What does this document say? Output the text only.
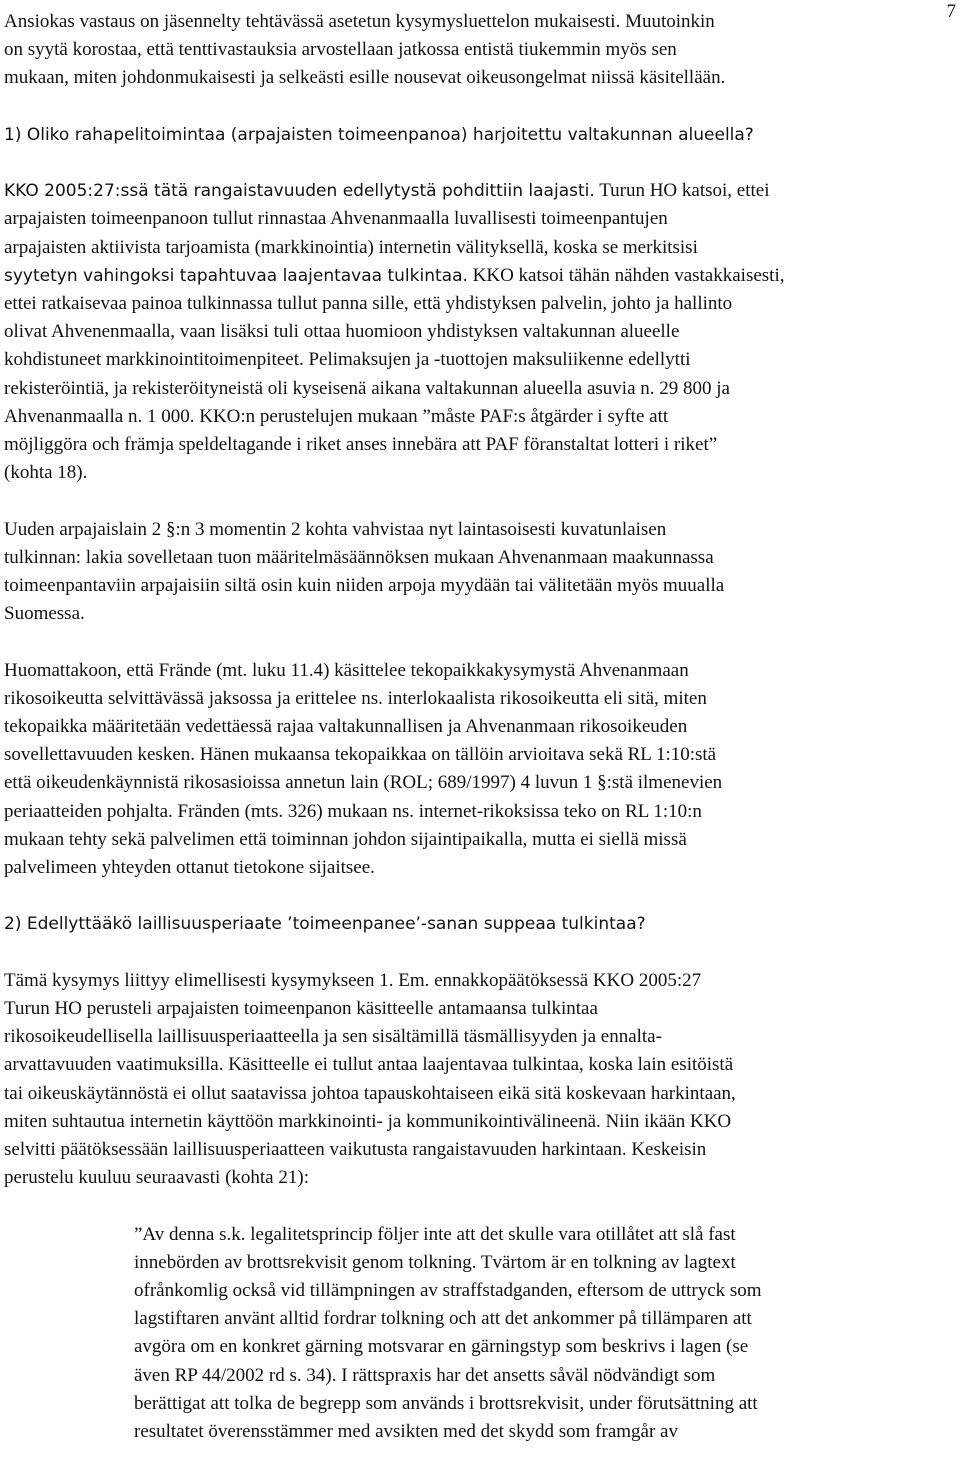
7

Ansiokas vastaus on jäsennelty tehtävässä asetetun kysymysluettelon mukaisesti. Muutoinkin
on syytä korostaa, että tenttivastauksia arvostellaan jatkossa entistä tiukemmin myös sen
mukaan, miten johdonmukaisesti ja selkeästi esille nousevat oikeusongelmat niissä käsitellään.

1) Oliko rahapelitoimintaa (arpajaisten toimeenpanoa) harjoitettu valtakunnan alueella?

KKO 2005:27:ssä tätä rangaistavuuden edellytystä pohdittiin laajasti. Turun HO katsoi, ettei
arpajaisten toimeenpanoon tullut rinnastaa Ahvenanmaalla luvallisesti toimeenpantujen
arpajaisten aktiivista tarjoamista (markkinointia) internetin välityksellä, koska se merkitsisi
syytetyn vahingoksi tapahtuvaa laajentavaa tulkintaa. KKO katsoi tähän nähden vastakkaisesti,
ettei ratkaisevaa painoa tulkinnassa tullut panna sille, että yhdistyksen palvelin, johto ja hallinto
olivat Ahvenenmaalla, vaan lisäksi tuli ottaa huomioon yhdistyksen valtakunnan alueelle
kohdistuneet markkinointitoimenpiteet. Pelimaksujen ja -tuottojen maksuliikenne edellytti
rekisteröintiä, ja rekisteröityneistä oli kyseisenä aikana valtakunnan alueella asuvia n. 29 800 ja
Ahvenanmaalla n. 1 000. KKO:n perustelujen mukaan ”måste PAF:s åtgärder i syfte att
möjliggöra och främja speldeltagande i riket anses innebära att PAF föranstaltat lotteri i riket”
(kohta 18).

Uuden arpajaislain 2 §:n 3 momentin 2 kohta vahvistaa nyt laintasoisesti kuvatunlaisen
tulkinnan: lakia sovelletaan tuon määritelmäsäännöksen mukaan Ahvenanmaan maakunnassa
toimeenpantaviin arpajaisiin siltä osin kuin niiden arpoja myydään tai välitetään myös muualla
Suomessa.

Huomattakoon, että Frände (mt. luku 11.4) käsittelee tekopaikkakysymystä Ahvenanmaan
rikosoikeutta selvittävässä jaksossa ja erittelee ns. interlokaalista rikosoikeutta eli sitä, miten
tekopaikka määritetään vedettäessä rajaa valtakunnallisen ja Ahvenanmaan rikosoikeuden
sovellettavuuden kesken. Hänen mukaansa tekopaikkaa on tällöin arvioitava sekä RL 1:10:stä
että oikeudenkäynnistä rikosasioissa annetun lain (ROL; 689/1997) 4 luvun 1 §:stä ilmenevien
periaatteiden pohjalta. Fränden (mts. 326) mukaan ns. internet-rikoksissa teko on RL 1:10:n
mukaan tehty sekä palvelimen että toiminnan johdon sijaintipaikalla, mutta ei siellä missä
palvelimeen yhteyden ottanut tietokone sijaitsee.

2) Edellyttääkö laillisuusperiaate ’toimeenpanee’-sanan suppeaa tulkintaa?

Tämä kysymys liittyy elimellisesti kysymykseen 1. Em. ennakkopäätöksessä KKO 2005:27
Turun HO perusteli arpajaisten toimeenpanon käsitteelle antamaansa tulkintaa
rikosoikeudellisella laillisuusperiaatteella ja sen sisältämillä täsmällisyyden ja ennalta-
arvattavuuden vaatimuksilla. Käsitteelle ei tullut antaa laajentavaa tulkintaa, koska lain esitöistä
tai oikeuskäytännöstä ei ollut saatavissa johtoa tapauskohtaiseen eikä sitä koskevaan harkintaan,
miten suhtautua internetin käyttöön markkinointi- ja kommunikointivälineenä. Niin ikään KKO
selvitti päätöksessään laillisuusperiaatteen vaikutusta rangaistavuuden harkintaan. Keskeisin
perustelu kuuluu seuraavasti (kohta 21):

”Av denna s.k. legalitetsprincip följer inte att det skulle vara otillåtet att slå fast
innebörden av brottsrekvisit genom tolkning. Tvärtom är en tolkning av lagtext
ofrånkomlig också vid tillämpningen av straffstadganden, eftersom de uttryck som
lagstiftaren använt alltid fordrar tolkning och att det ankommer på tillämparen att
avgöra om en konkret gärning motsvarar en gärningstyp som beskrivs i lagen (se
även RP 44/2002 rd s. 34). I rättspraxis har det ansetts såväl nödvändigt som
berättigat att tolka de begrepp som används i brottsrekvisit, under förutsättning att
resultatet överensstämmer med avsikten med det skydd som framgår av
